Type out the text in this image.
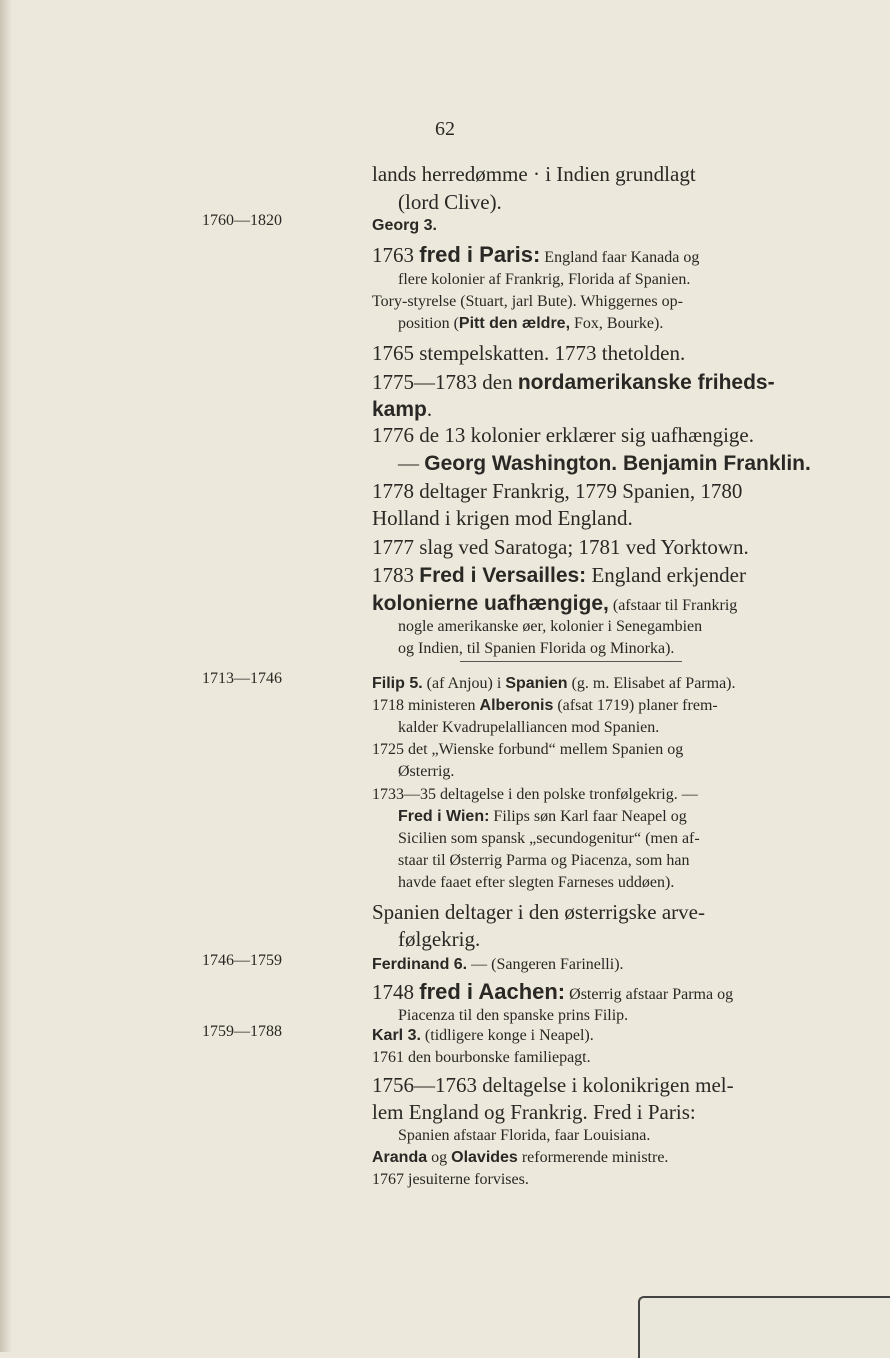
62
1760—1820
1713—1746
1746—1759
1759—1788
lands herredømme · i Indien grundlagt
(lord Clive).
Georg 3.
1763 fred i Paris: England faar Kanada og
flere kolonier af Frankrig, Florida af Spanien.
Tory-styrelse (Stuart, jarl Bute). Whiggernes op-
position (Pitt den ældre, Fox, Bourke).
1765 stempelskatten. 1773 thetolden.
1775—1783 den nordamerikanske friheds-
kamp.
1776 de 13 kolonier erklærer sig uafhængige.
— Georg Washington. Benjamin Franklin.
1778 deltager Frankrig, 1779 Spanien, 1780
Holland i krigen mod England.
1777 slag ved Saratoga; 1781 ved Yorktown.
1783 Fred i Versailles: England erkjender
kolonierne uafhængige, (afstaar til Frankrig
nogle amerikanske øer, kolonier i Senegambien
og Indien, til Spanien Florida og Minorka).
Filip 5. (af Anjou) i Spanien (g. m. Elisabet af Parma).
1718 ministeren Alberonis (afsat 1719) planer frem-
kalder Kvadrupelalliancen mod Spanien.
1725 det „Wienske forbund“ mellem Spanien og
Østerrig.
1733—35 deltagelse i den polske tronfølgekrig. —
Fred i Wien: Filips søn Karl faar Neapel og
Sicilien som spansk „secundogenitur“ (men af-
staar til Østerrig Parma og Piacenza, som han
havde faaet efter slegten Farneses uddøen).
Spanien deltager i den østerrigske arve-
følgekrig.
Ferdinand 6. — (Sangeren Farinelli).
1748 fred i Aachen: Østerrig afstaar Parma og
Piacenza til den spanske prins Filip.
Karl 3. (tidligere konge i Neapel).
1761 den bourbonske familiepagt.
1756—1763 deltagelse i kolonikrigen mel-
lem England og Frankrig. Fred i Paris:
Spanien afstaar Florida, faar Louisiana.
Aranda og Olavides reformerende ministre.
1767 jesuiterne forvises.
